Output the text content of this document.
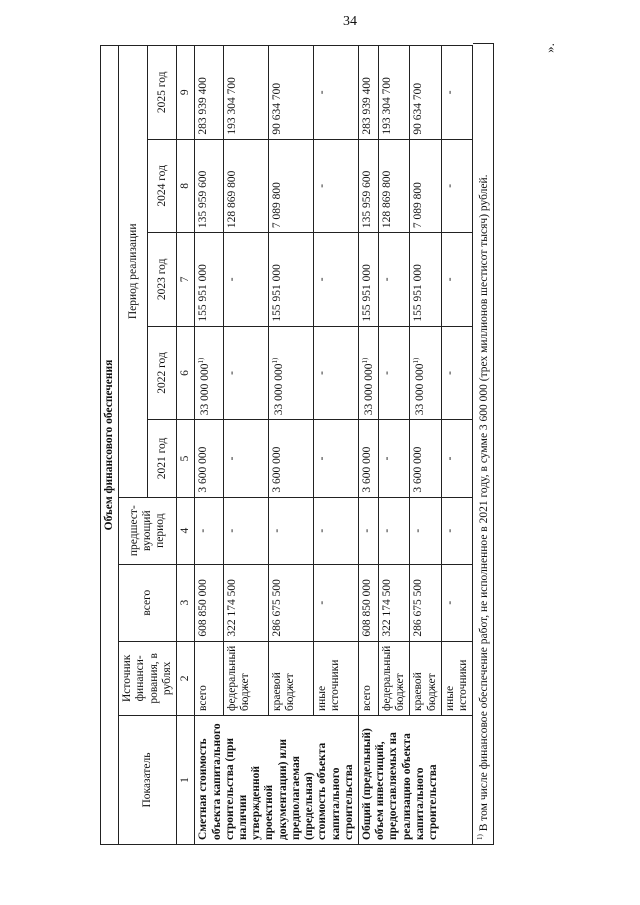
34
Объем финансового обеспечения								
Показатель	Источник финанси-рования, в рублях	всего	предшест-вующий период	Период реализации				
				2021 год	2022 год	2023 год	2024 год	2025 год
1	2	3	4	5	6	7	8	9
Сметная стоимость объекта капитального строительства (при наличии утвержденной проектной документации) или предполагаемая (предельная) стоимость объекта капитального строительства	всего	608 850 000	-	3 600 000	33 000 000$^{1)}$	155 951 000	135 959 600	283 939 400
	федеральный бюджет	322 174 500	-	-	-	-	128 869 800	193 304 700
	краевой бюджет	286 675 500	-	3 600 000	33 000 000$^{1)}$	155 951 000	7 089 800	90 634 700
	иные источники	-	-	-	-	-	-	-
Общий (предельный) объем инвестиций, предоставляемых на реализацию объекта капитального строительства	всего	608 850 000	-	3 600 000	33 000 000$^{1)}$	155 951 000	135 959 600	283 939 400
	федеральный бюджет	322 174 500	-	-	-	-	128 869 800	193 304 700
	краевой бюджет	286 675 500	-	3 600 000	33 000 000$^{1)}$	155 951 000	7 089 800	90 634 700
	иные источники	-	-	-	-	-	-	-
$^{1)}$ В том числе финансовое обеспечение работ, не исполненное в 2021 году, в сумме 3 600 000 (трех миллионов шестисот тысяч) рублей.
».
